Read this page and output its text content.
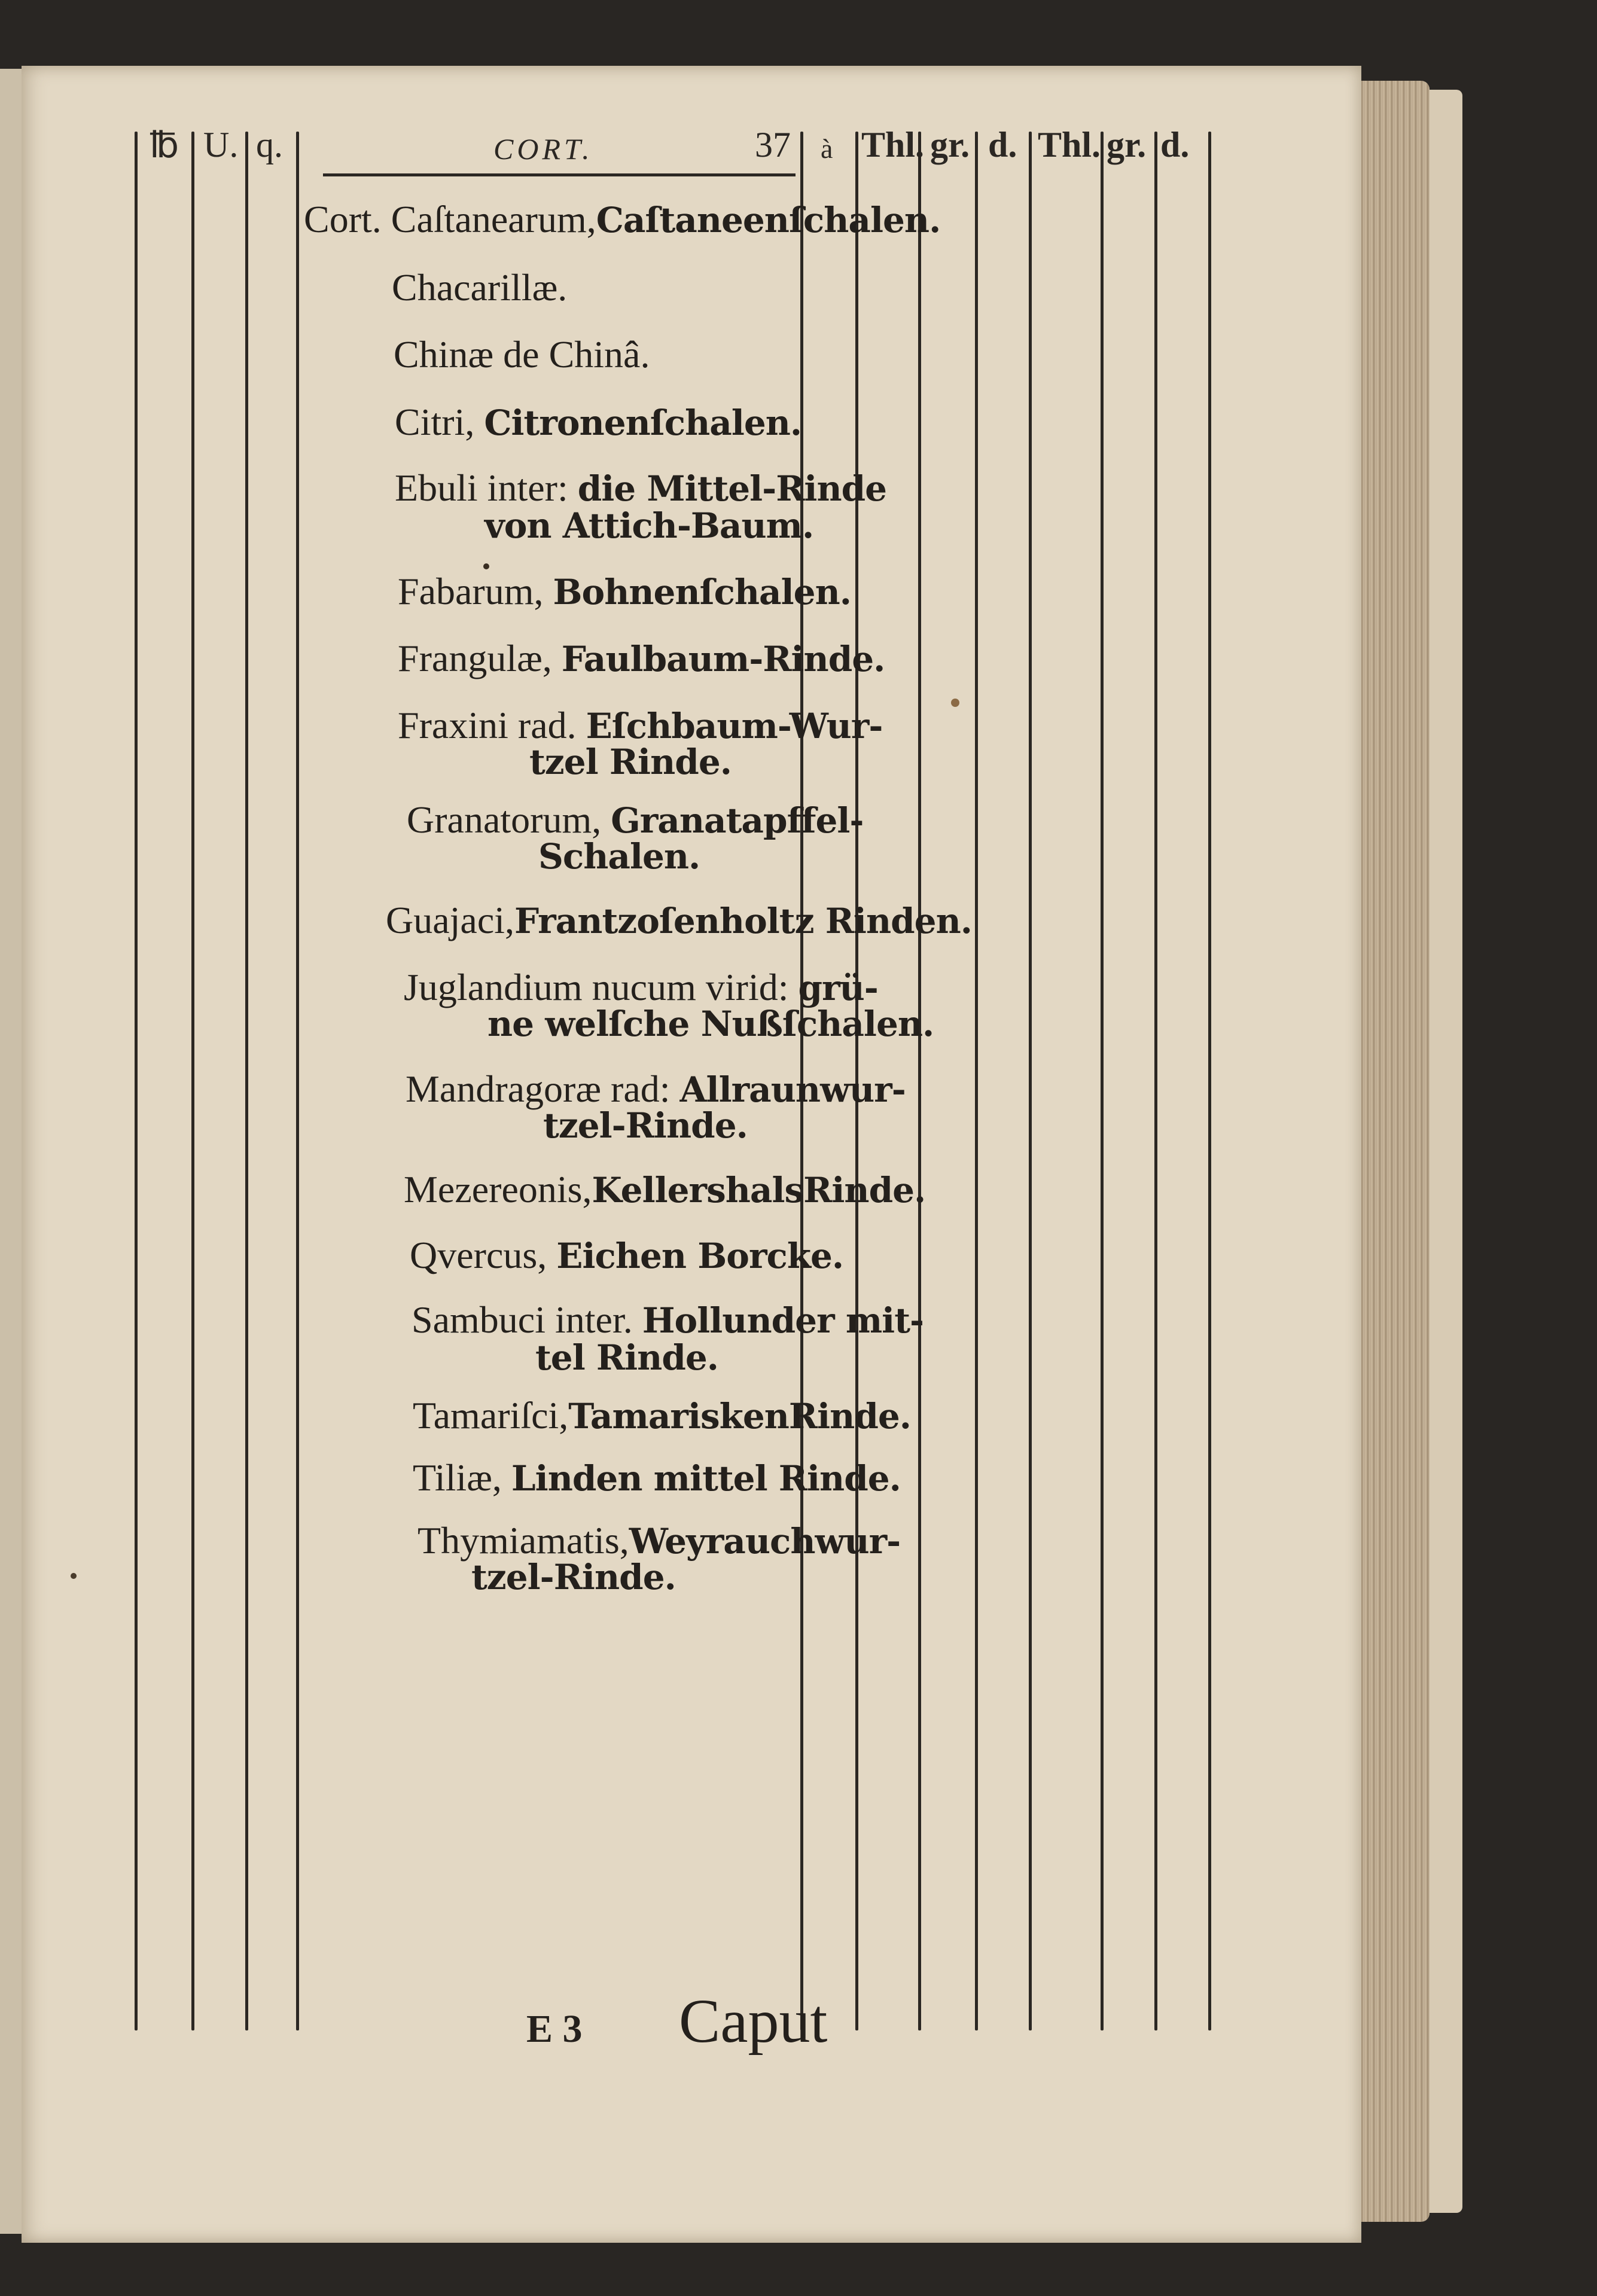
℔ U. q.	CORT.	37 à Thl. gr. d. Thl. gr. d.
Cort. Caſtanearum,Caſtaneenſchalen.
Chacarillæ.
Chinæ de Chinâ.
Citri, Citronenſchalen.
Ebuli inter: die Mittel-Rinde
von Attich-Baum.
Fabarum, Bohnenſchalen.
Frangulæ, Faulbaum-Rinde.
Fraxini rad. Eſchbaum-Wur-
tzel Rinde.
Granatorum, Granatapffel-
Schalen.
Guajaci,Frantzoſenholtz Rinden.
Juglandium nucum virid: grü-
ne welſche Nußſchalen.
Mandragoræ rad: Allraunwur-
tzel-Rinde.
Mezereonis,KellershalsRinde.
Qvercus, Eichen Borcke.
Sambuci inter. Hollunder mit-
tel Rinde.
Tamariſci,TamariskenRinde.
Tiliæ, Linden mittel Rinde.
Thymiamatis,Weyrauchwur-
tzel-Rinde.
E 3 Caput
